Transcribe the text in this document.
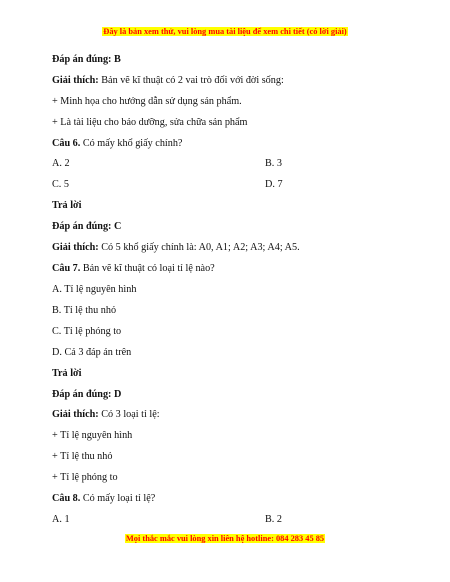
Đây là bản xem thử, vui lòng mua tài liệu để xem chi tiết (có lời giải)
Đáp án đúng: B
Giải thích: Bản vẽ kĩ thuật có 2 vai trò đối với đời sống:
+ Minh họa cho hướng dẫn sử dụng sản phẩm.
+ Là tài liệu cho bảo dưỡng, sửa chữa sản phẩm
Câu 6. Có mấy khổ giấy chính?
A. 2	B. 3
C. 5	D. 7
Trả lời
Đáp án đúng: C
Giải thích: Có 5 khổ giấy chính là: A0, A1; A2; A3; A4; A5.
Câu 7. Bản vẽ kĩ thuật có loại tỉ lệ nào?
A. Tỉ lệ nguyên hình
B. Tỉ lệ thu nhỏ
C. Tỉ lệ phóng to
D. Cả 3 đáp án trên
Trả lời
Đáp án đúng: D
Giải thích: Có 3 loại tỉ lệ:
+ Tỉ lệ nguyên hình
+ Tỉ lệ thu nhỏ
+ Tỉ lệ phóng to
Câu 8. Có mấy loại tỉ lệ?
A. 1	B. 2
Mọi thắc mắc vui lòng xin liên hệ hotline: 084 283 45 85
